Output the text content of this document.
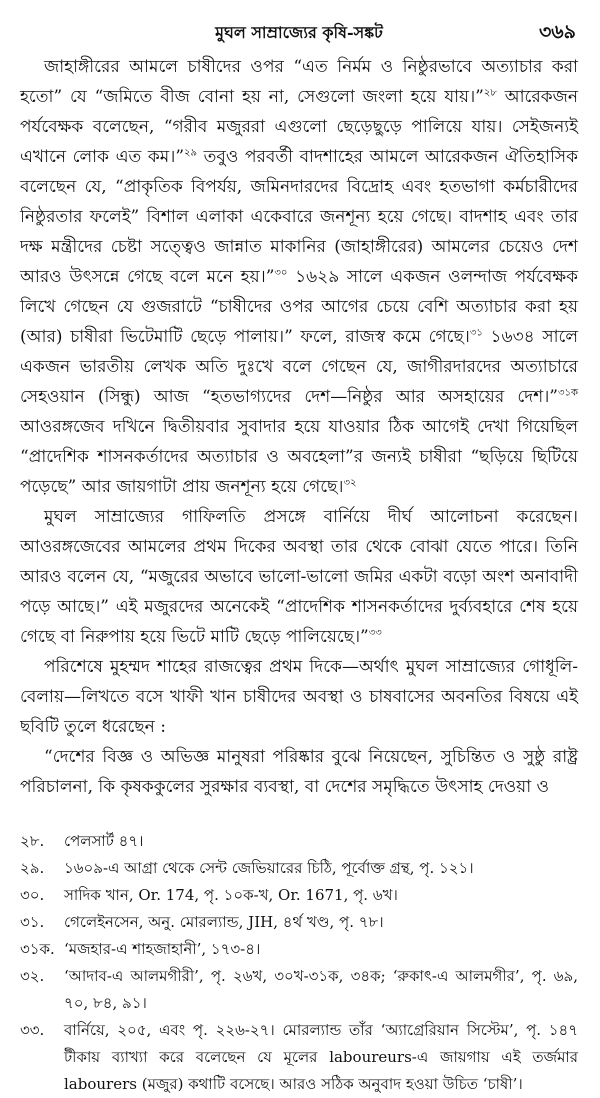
মুঘল সাম্রাজ্যের কৃষি-সঙ্কট	৩৬৯

জাহাঙ্গীরের আমলে চাষীদের ওপর “এত নির্মম ও নিষ্ঠুরভাবে অত্যাচার করা হতো” যে “জমিতে বীজ বোনা হয় না, সেগুলো জংলা হয়ে যায়।”$^{২৮}$ আরেকজন পর্যবেক্ষক বলেছেন, “গরীব মজুররা এগুলো ছেড়েছুড়ে পালিয়ে যায়। সেইজন্যই এখানে লোক এত কম।”$^{২৯}$ তবুও পরবর্তী বাদশাহের আমলে আরেকজন ঐতিহাসিক বলেছেন যে, “প্রাকৃতিক বিপর্যয়, জমিনদারদের বিদ্রোহ এবং হতভাগা কর্মচারীদের নিষ্ঠুরতার ফলেই” বিশাল এলাকা একেবারে জনশূন্য হয়ে গেছে। বাদশাহ এবং তার দক্ষ মন্ত্রীদের চেষ্টা সত্ত্বেও জান্নাত মাকানির (জাহাঙ্গীরের) আমলের চেয়েও দেশ আরও উৎসন্নে গেছে বলে মনে হয়।”$^{৩০}$ ১৬২৯ সালে একজন ওলন্দাজ পর্যবেক্ষক লিখে গেছেন যে গুজরাটে “চাষীদের ওপর আগের চেয়ে বেশি অত্যাচার করা হয় (আর) চাষীরা ভিটেমাটি ছেড়ে পালায়।” ফলে, রাজস্ব কমে গেছে।$^{৩১}$ ১৬৩৪ সালে একজন ভারতীয় লেখক অতি দুঃখে বলে গেছেন যে, জাগীরদারদের অত্যাচারে সেহওয়ান (সিন্ধু) আজ “হতভাগ্যদের দেশ—নিষ্ঠুর আর অসহায়ের দেশ।”$^{৩১ক}$ আওরঙ্গজেব দখিনে দ্বিতীয়বার সুবাদার হয়ে যাওয়ার ঠিক আগেই দেখা গিয়েছিল “প্রাদেশিক শাসনকর্তাদের অত্যাচার ও অবহেলা”র জন্যই চাষীরা “ছড়িয়ে ছিটিয়ে পড়েছে” আর জায়গাটা প্রায় জনশূন্য হয়ে গেছে।$^{৩২}$

মুঘল সাম্রাজ্যের গাফিলতি প্রসঙ্গে বার্নিয়ে দীর্ঘ আলোচনা করেছেন। আওরঙ্গজেবের আমলের প্রথম দিকের অবস্থা তার থেকে বোঝা যেতে পারে। তিনি আরও বলেন যে, “মজুরের অভাবে ভালো-ভালো জমির একটা বড়ো অংশ অনাবাদী পড়ে আছে।” এই মজুরদের অনেকেই “প্রাদেশিক শাসনকর্তাদের দুর্ব্যবহারে শেষ হয়ে গেছে বা নিরুপায় হয়ে ভিটে মাটি ছেড়ে পালিয়েছে।”$^{৩৩}$

পরিশেষে মুহম্মদ শাহের রাজত্বের প্রথম দিকে—অর্থাৎ মুঘল সাম্রাজ্যের গোধূলি-বেলায়—লিখতে বসে খাফী খান চাষীদের অবস্থা ও চাষবাসের অবনতির বিষয়ে এই ছবিটি তুলে ধরেছেন :

“দেশের বিজ্ঞ ও অভিজ্ঞ মানুষরা পরিষ্কার বুঝে নিয়েছেন, সুচিন্তিত ও সুষ্ঠু রাষ্ট্র পরিচালনা, কি কৃষককুলের সুরক্ষার ব্যবস্থা, বা দেশের সমৃদ্ধিতে উৎসাহ দেওয়া ও

২৮.	পেলসার্ট ৪৭।
২৯.	১৬০৯-এ আগ্রা থেকে সেন্ট জেভিয়ারের চিঠি, পূর্বোক্ত গ্রন্থ, পৃ. ১২১।
৩০.	সাদিক খান, Or. 174, পৃ. ১০ক-খ, Or. 1671, পৃ. ৬খ।
৩১.	গেলেইনসেন, অনু. মোরল্যান্ড, JIH, ৪র্থ খণ্ড, পৃ. ৭৮।
৩১ক. ‘মজহার-এ শাহজাহানী’, ১৭৩-৪।
৩২.	‘আদাব-এ আলমগীরী’, পৃ. ২৬খ, ৩০খ-৩১ক, ৩৪ক; ‘রুকাৎ-এ আলমগীর’, পৃ. ৬৯, ৭০, ৮৪, ৯১।
৩৩.	বার্নিয়ে, ২০৫, এবং পৃ. ২২৬-২৭। মোরল্যান্ড তাঁর ‘অ্যাগ্রেরিয়ান সিস্টেম’, পৃ. ১৪৭ টীকায় ব্যাখ্যা করে বলেছেন যে মূলের laboureurs-এ জায়গায় এই তর্জমার labourers (মজুর) কথাটি বসেছে। আরও সঠিক অনুবাদ হওয়া উচিত ‘চাষী’।
